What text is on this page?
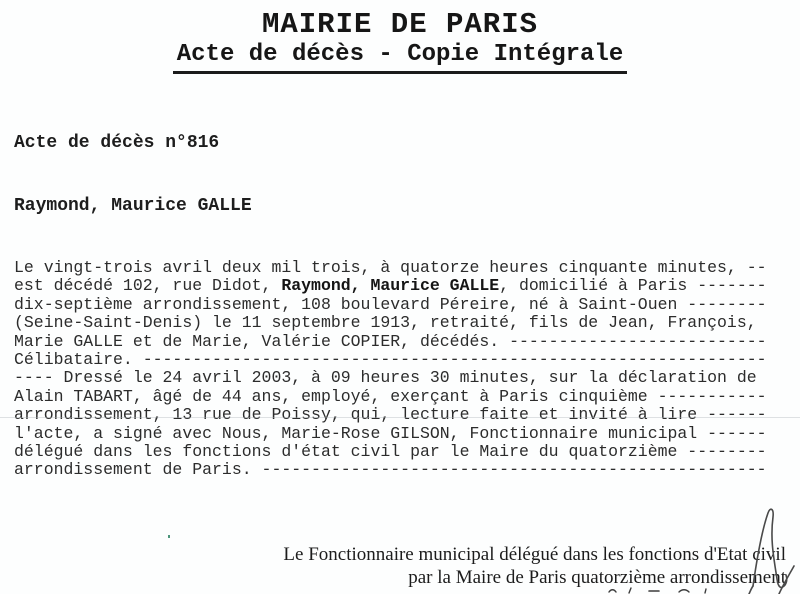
MAIRIE DE PARIS
Acte de décès - Copie Intégrale
Acte de décès n°816
Raymond, Maurice GALLE
Le vingt-trois avril deux mil trois, à quatorze heures cinquante minutes, --
est décédé 102, rue Didot, Raymond, Maurice GALLE, domicilié à Paris -------
dix-septième arrondissement, 108 boulevard Péreire, né à Saint-Ouen --------
(Seine-Saint-Denis) le 11 septembre 1913, retraité, fils de Jean, François,
Marie GALLE et de Marie, Valérie COPIER, décédés. --------------------------
Célibataire. ---------------------------------------------------------------
---- Dressé le 24 avril 2003, à 09 heures 30 minutes, sur la déclaration de
Alain TABART, âgé de 44 ans, employé, exerçant à Paris cinquième -----------
arrondissement, 13 rue de Poissy, qui, lecture faite et invité à lire ------
l'acte, a signé avec Nous, Marie-Rose GILSON, Fonctionnaire municipal ------
délégué dans les fonctions d'état civil par le Maire du quatorzième --------
arrondissement de Paris. ---------------------------------------------------
Le Fonctionnaire municipal délégué dans les fonctions d'Etat civil
par la Maire de Paris quatorzième arrondissement
